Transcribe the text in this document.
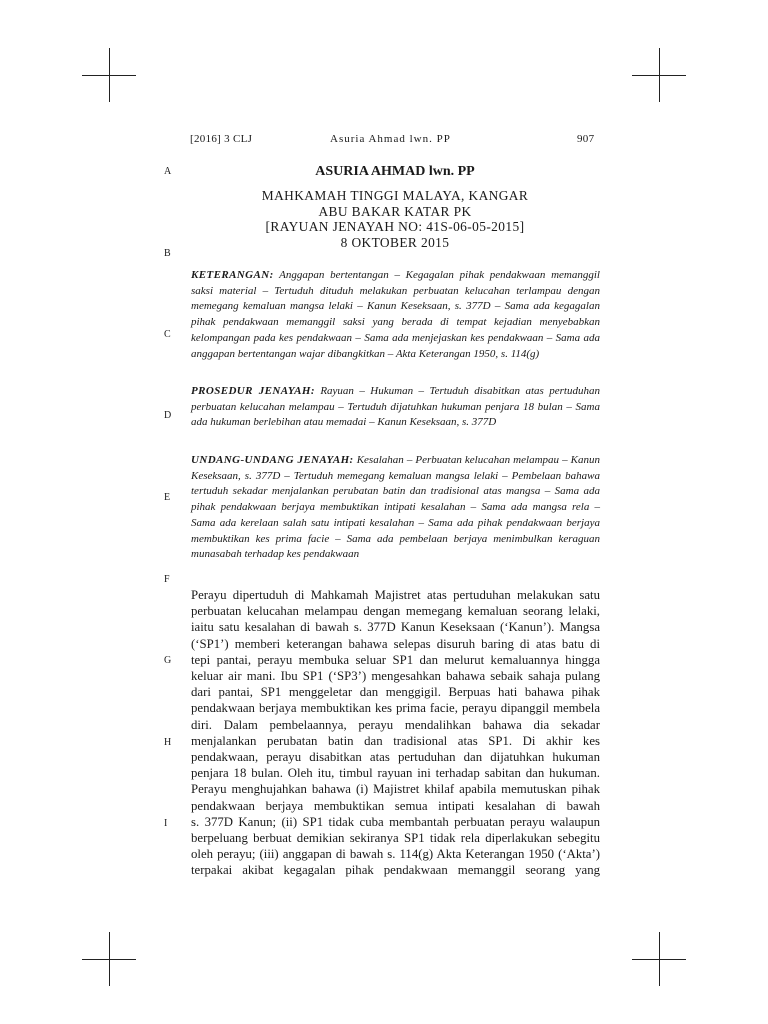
[2016] 3 CLJ	Asuria Ahmad lwn. PP	907
A
B
C
D
E
F
G
H
I
ASURIA AHMAD lwn. PP
MAHKAMAH TINGGI MALAYA, KANGAR
ABU BAKAR KATAR PK
[RAYUAN JENAYAH NO: 41S-06-05-2015]
8 OKTOBER 2015
KETERANGAN: Anggapan bertentangan – Kegagalan pihak pendakwaan memanggil saksi material – Tertuduh dituduh melakukan perbuatan kelucahan terlampau dengan memegang kemaluan mangsa lelaki – Kanun Keseksaan, s. 377D – Sama ada kegagalan pihak pendakwaan memanggil saksi yang berada di tempat kejadian menyebabkan kelompangan pada kes pendakwaan – Sama ada menjejaskan kes pendakwaan – Sama ada anggapan bertentangan wajar dibangkitkan – Akta Keterangan 1950, s. 114(g)
PROSEDUR JENAYAH: Rayuan – Hukuman – Tertuduh disabitkan atas pertuduhan perbuatan kelucahan melampau – Tertuduh dijatuhkan hukuman penjara 18 bulan – Sama ada hukuman berlebihan atau memadai – Kanun Keseksaan, s. 377D
UNDANG-UNDANG JENAYAH: Kesalahan – Perbuatan kelucahan melampau – Kanun Keseksaan, s. 377D – Tertuduh memegang kemaluan mangsa lelaki – Pembelaan bahawa tertuduh sekadar menjalankan perubatan batin dan tradisional atas mangsa – Sama ada pihak pendakwaan berjaya membuktikan intipati kesalahan – Sama ada mangsa rela – Sama ada kerelaan salah satu intipati kesalahan – Sama ada pihak pendakwaan berjaya membuktikan kes prima facie – Sama ada pembelaan berjaya menimbulkan keraguan munasabah terhadap kes pendakwaan
Perayu dipertuduh di Mahkamah Majistret atas pertuduhan melakukan satu
perbuatan kelucahan melampau dengan memegang kemaluan seorang lelaki,
iaitu satu kesalahan di bawah s. 377D Kanun Keseksaan (‘Kanun’). Mangsa
(‘SP1’) memberi keterangan bahawa selepas disuruh baring di atas batu di
tepi pantai, perayu membuka seluar SP1 dan melurut kemaluannya hingga
keluar air mani. Ibu SP1 (‘SP3’) mengesahkan bahawa sebaik sahaja pulang
dari pantai, SP1 menggeletar dan menggigil. Berpuas hati bahawa pihak
pendakwaan berjaya membuktikan kes prima facie, perayu dipanggil membela
diri. Dalam pembelaannya, perayu mendalihkan bahawa dia sekadar
menjalankan perubatan batin dan tradisional atas SP1. Di akhir kes
pendakwaan, perayu disabitkan atas pertuduhan dan dijatuhkan hukuman
penjara 18 bulan. Oleh itu, timbul rayuan ini terhadap sabitan dan hukuman.
Perayu menghujahkan bahawa (i) Majistret khilaf apabila memutuskan pihak
pendakwaan berjaya membuktikan semua intipati kesalahan di bawah
s. 377D Kanun; (ii) SP1 tidak cuba membantah perbuatan perayu walaupun
berpeluang berbuat demikian sekiranya SP1 tidak rela diperlakukan sebegitu
oleh perayu; (iii) anggapan di bawah s. 114(g) Akta Keterangan 1950 (‘Akta’)
terpakai akibat kegagalan pihak pendakwaan memanggil seorang yang
